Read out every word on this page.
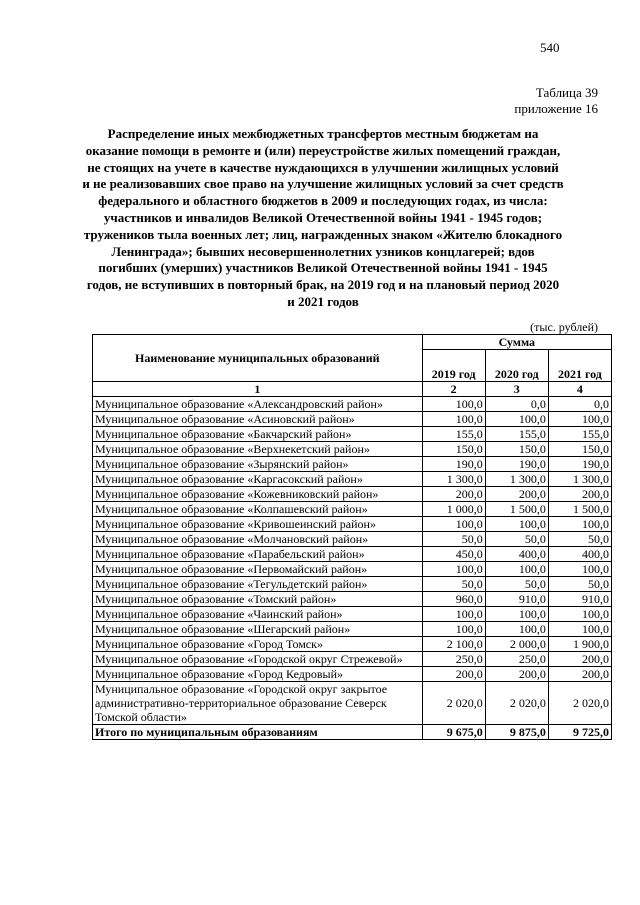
540
Таблица 39
приложение 16
Распределение иных межбюджетных трансфертов местным бюджетам на оказание помощи в ремонте и (или) переустройстве жилых помещений граждан, не стоящих на учете в качестве нуждающихся в улучшении жилищных условий и не реализовавших свое право на улучшение жилищных условий за счет средств федерального и областного бюджетов в 2009 и последующих годах, из числа: участников и инвалидов Великой Отечественной войны 1941 - 1945 годов; тружеников тыла военных лет; лиц, награжденных знаком «Жителю блокадного Ленинграда»; бывших несовершеннолетних узников концлагерей; вдов погибших (умерших) участников Великой Отечественной войны 1941 - 1945 годов, не вступивших в повторный брак, на 2019 год и на плановый период 2020 и 2021 годов
(тыс. рублей)
Наименование муниципальных образований	Сумма		
	2019 год	2020 год	2021 год
1	2	3	4
Муниципальное образование «Александровский район»	100,0	0,0	0,0
Муниципальное образование «Асиновский район»	100,0	100,0	100,0
Муниципальное образование «Бакчарский район»	155,0	155,0	155,0
Муниципальное образование «Верхнекетский район»	150,0	150,0	150,0
Муниципальное образование «Зырянский район»	190,0	190,0	190,0
Муниципальное образование «Каргасокский район»	1 300,0	1 300,0	1 300,0
Муниципальное образование «Кожевниковский район»	200,0	200,0	200,0
Муниципальное образование «Колпашевский район»	1 000,0	1 500,0	1 500,0
Муниципальное образование «Кривошеинский район»	100,0	100,0	100,0
Муниципальное образование «Молчановский район»	50,0	50,0	50,0
Муниципальное образование «Парабельский район»	450,0	400,0	400,0
Муниципальное образование «Первомайский район»	100,0	100,0	100,0
Муниципальное образование «Тегульдетский район»	50,0	50,0	50,0
Муниципальное образование «Томский район»	960,0	910,0	910,0
Муниципальное образование «Чаинский район»	100,0	100,0	100,0
Муниципальное образование «Шегарский район»	100,0	100,0	100,0
Муниципальное образование «Город Томск»	2 100,0	2 000,0	1 900,0
Муниципальное образование «Городской округ Стрежевой»	250,0	250,0	200,0
Муниципальное образование «Город Кедровый»	200,0	200,0	200,0
Муниципальное образование «Городской округ закрытое административно-территориальное образование Северск Томской области»	2 020,0	2 020,0	2 020,0
Итого по муниципальным образованиям	9 675,0	9 875,0	9 725,0
